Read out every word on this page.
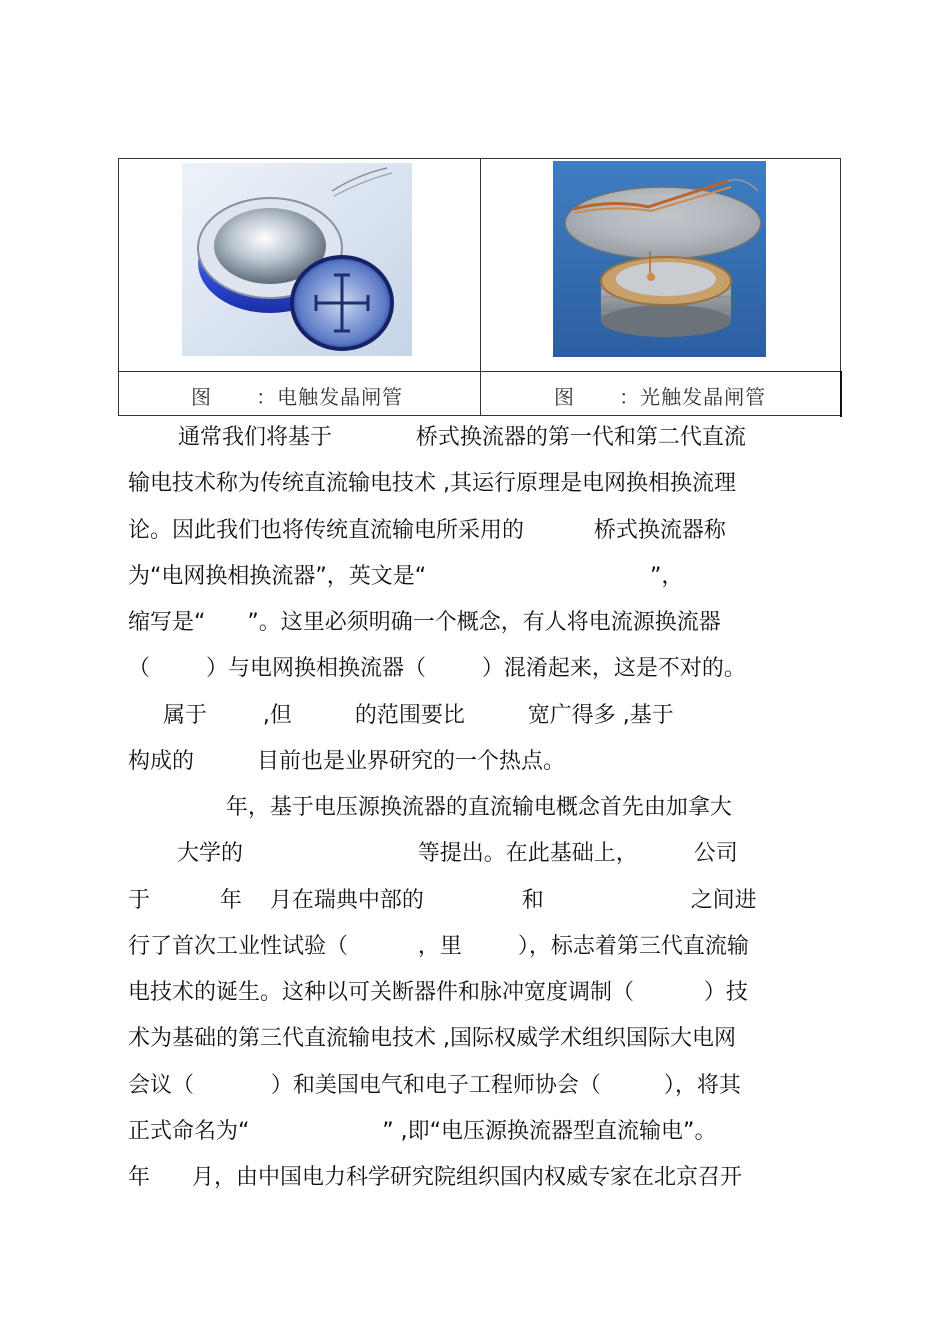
图      ：电触发晶闸管	图      ：光触发晶闸管
通常我们将基于            桥式换流器的第一代和第二代直流
输电技术称为传统直流输电技术 ,其运行原理是电网换相换流理
论。因此我们也将传统直流输电所采用的          桥式换流器称
为“电网换相换流器”，英文是“                                ”，
缩写是“      ”。这里必须明确一个概念，有人将电流源换流器
（        ）与电网换相换流器（        ）混淆起来，这是不对的。
属于        ,但         的范围要比         宽广得多 ,基于
构成的         目前也是业界研究的一个热点。
年，基于电压源换流器的直流输电概念首先由加拿大
大学的                         等提出。在此基础上，        公司
于          年    月在瑞典中部的              和                     之间进
行了首次工业性试验（          ，里        ），标志着第三代直流输
电技术的诞生。这种以可关断器件和脉冲宽度调制（          ）技
术为基础的第三代直流输电技术 ,国际权威学术组织国际大电网
会议（           ）和美国电气和电子工程师协会（         ），将其
正式命名为“                   ” ,即“电压源换流器型直流输电”。
年      月，由中国电力科学研究院组织国内权威专家在北京召开
